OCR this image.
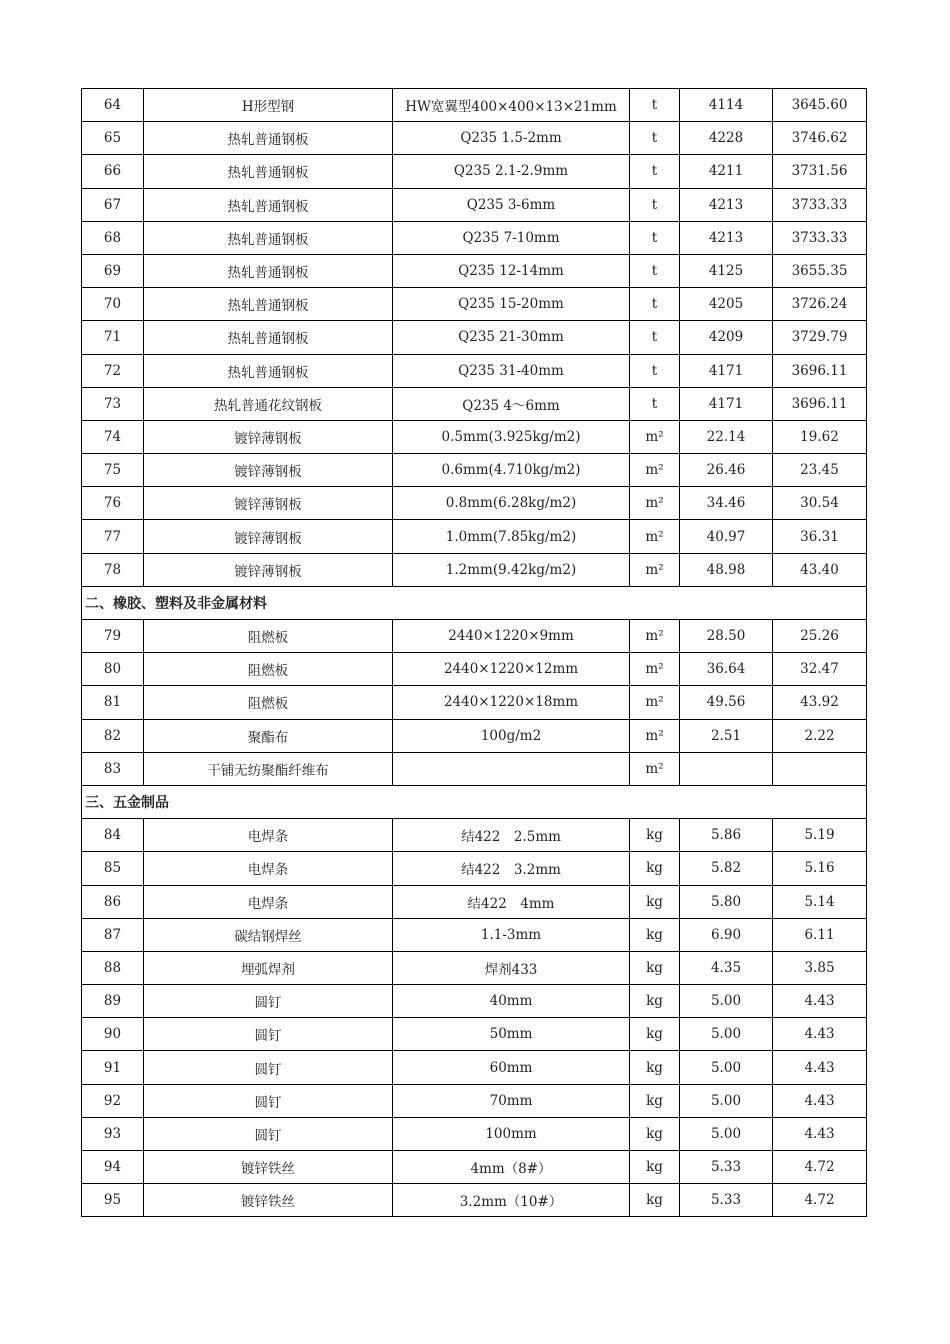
64	H形型钢	HW宽翼型400×400×13×21mm	t	4114	3645.60
65	热轧普通钢板	Q235 1.5-2mm	t	4228	3746.62
66	热轧普通钢板	Q235 2.1-2.9mm	t	4211	3731.56
67	热轧普通钢板	Q235 3-6mm	t	4213	3733.33
68	热轧普通钢板	Q235 7-10mm	t	4213	3733.33
69	热轧普通钢板	Q235 12-14mm	t	4125	3655.35
70	热轧普通钢板	Q235 15-20mm	t	4205	3726.24
71	热轧普通钢板	Q235 21-30mm	t	4209	3729.79
72	热轧普通钢板	Q235 31-40mm	t	4171	3696.11
73	热轧普通花纹钢板	Q235 4～6mm	t	4171	3696.11
74	镀锌薄钢板	0.5mm(3.925kg/m2)	m²	22.14	19.62
75	镀锌薄钢板	0.6mm(4.710kg/m2)	m²	26.46	23.45
76	镀锌薄钢板	0.8mm(6.28kg/m2)	m²	34.46	30.54
77	镀锌薄钢板	1.0mm(7.85kg/m2)	m²	40.97	36.31
78	镀锌薄钢板	1.2mm(9.42kg/m2)	m²	48.98	43.40
二、橡胶、塑料及非金属材料					
79	阻燃板	2440×1220×9mm	m²	28.50	25.26
80	阻燃板	2440×1220×12mm	m²	36.64	32.47
81	阻燃板	2440×1220×18mm	m²	49.56	43.92
82	聚酯布	100g/m2	m²	2.51	2.22
83	干铺无纺聚酯纤维布		m²		
三、五金制品					
84	电焊条	结422　2.5mm	kg	5.86	5.19
85	电焊条	结422　3.2mm	kg	5.82	5.16
86	电焊条	结422　4mm	kg	5.80	5.14
87	碳结钢焊丝	1.1-3mm	kg	6.90	6.11
88	埋弧焊剂	焊剂433	kg	4.35	3.85
89	圆钉	40mm	kg	5.00	4.43
90	圆钉	50mm	kg	5.00	4.43
91	圆钉	60mm	kg	5.00	4.43
92	圆钉	70mm	kg	5.00	4.43
93	圆钉	100mm	kg	5.00	4.43
94	镀锌铁丝	4mm（8#）	kg	5.33	4.72
95	镀锌铁丝	3.2mm（10#）	kg	5.33	4.72
